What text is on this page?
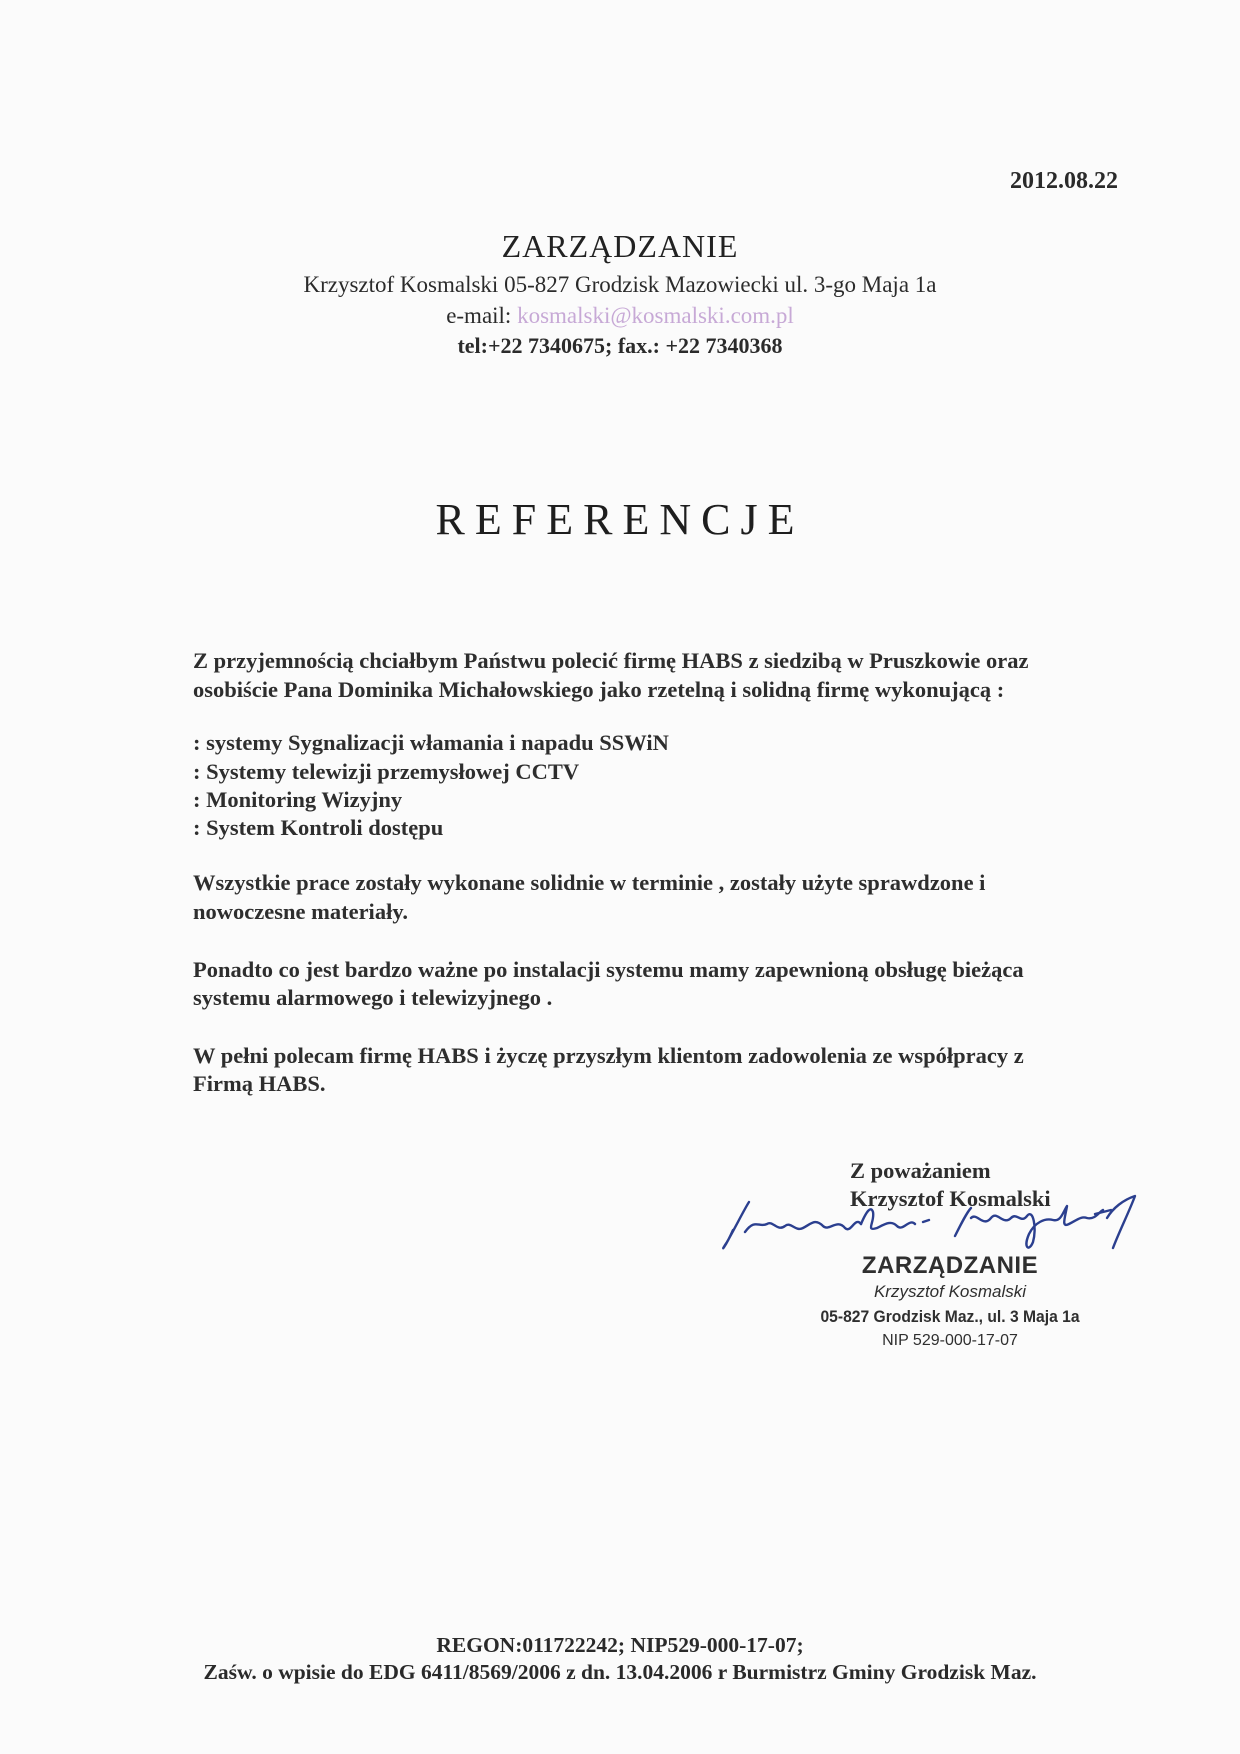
2012.08.22
ZARZĄDZANIE
Krzysztof Kosmalski 05-827 Grodzisk Mazowiecki ul. 3-go Maja 1a
e-mail: kosmalski@kosmalski.com.pl
tel:+22 7340675; fax.: +22 7340368
REFERENCJE
Z przyjemnością chciałbym Państwu polecić firmę HABS z siedzibą w Pruszkowie oraz
osobiście Pana Dominika Michałowskiego jako rzetelną i solidną firmę wykonującą :
: systemy Sygnalizacji włamania i napadu SSWiN
: Systemy telewizji przemysłowej CCTV
: Monitoring Wizyjny
: System Kontroli dostępu
Wszystkie prace zostały wykonane solidnie w terminie , zostały użyte sprawdzone i
nowoczesne materiały.
Ponadto co jest bardzo ważne po instalacji systemu mamy zapewnioną obsługę bieżąca
systemu alarmowego i telewizyjnego .
W pełni polecam firmę HABS i życzę przyszłym klientom zadowolenia ze współpracy z
Firmą HABS.
Z poważaniem
Krzysztof Kosmalski
ZARZĄDZANIE
Krzysztof Kosmalski
05-827 Grodzisk Maz., ul. 3 Maja 1a
NIP 529-000-17-07
REGON:011722242; NIP529-000-17-07;
Zaśw. o wpisie do EDG 6411/8569/2006 z dn. 13.04.2006 r Burmistrz Gminy Grodzisk Maz.
